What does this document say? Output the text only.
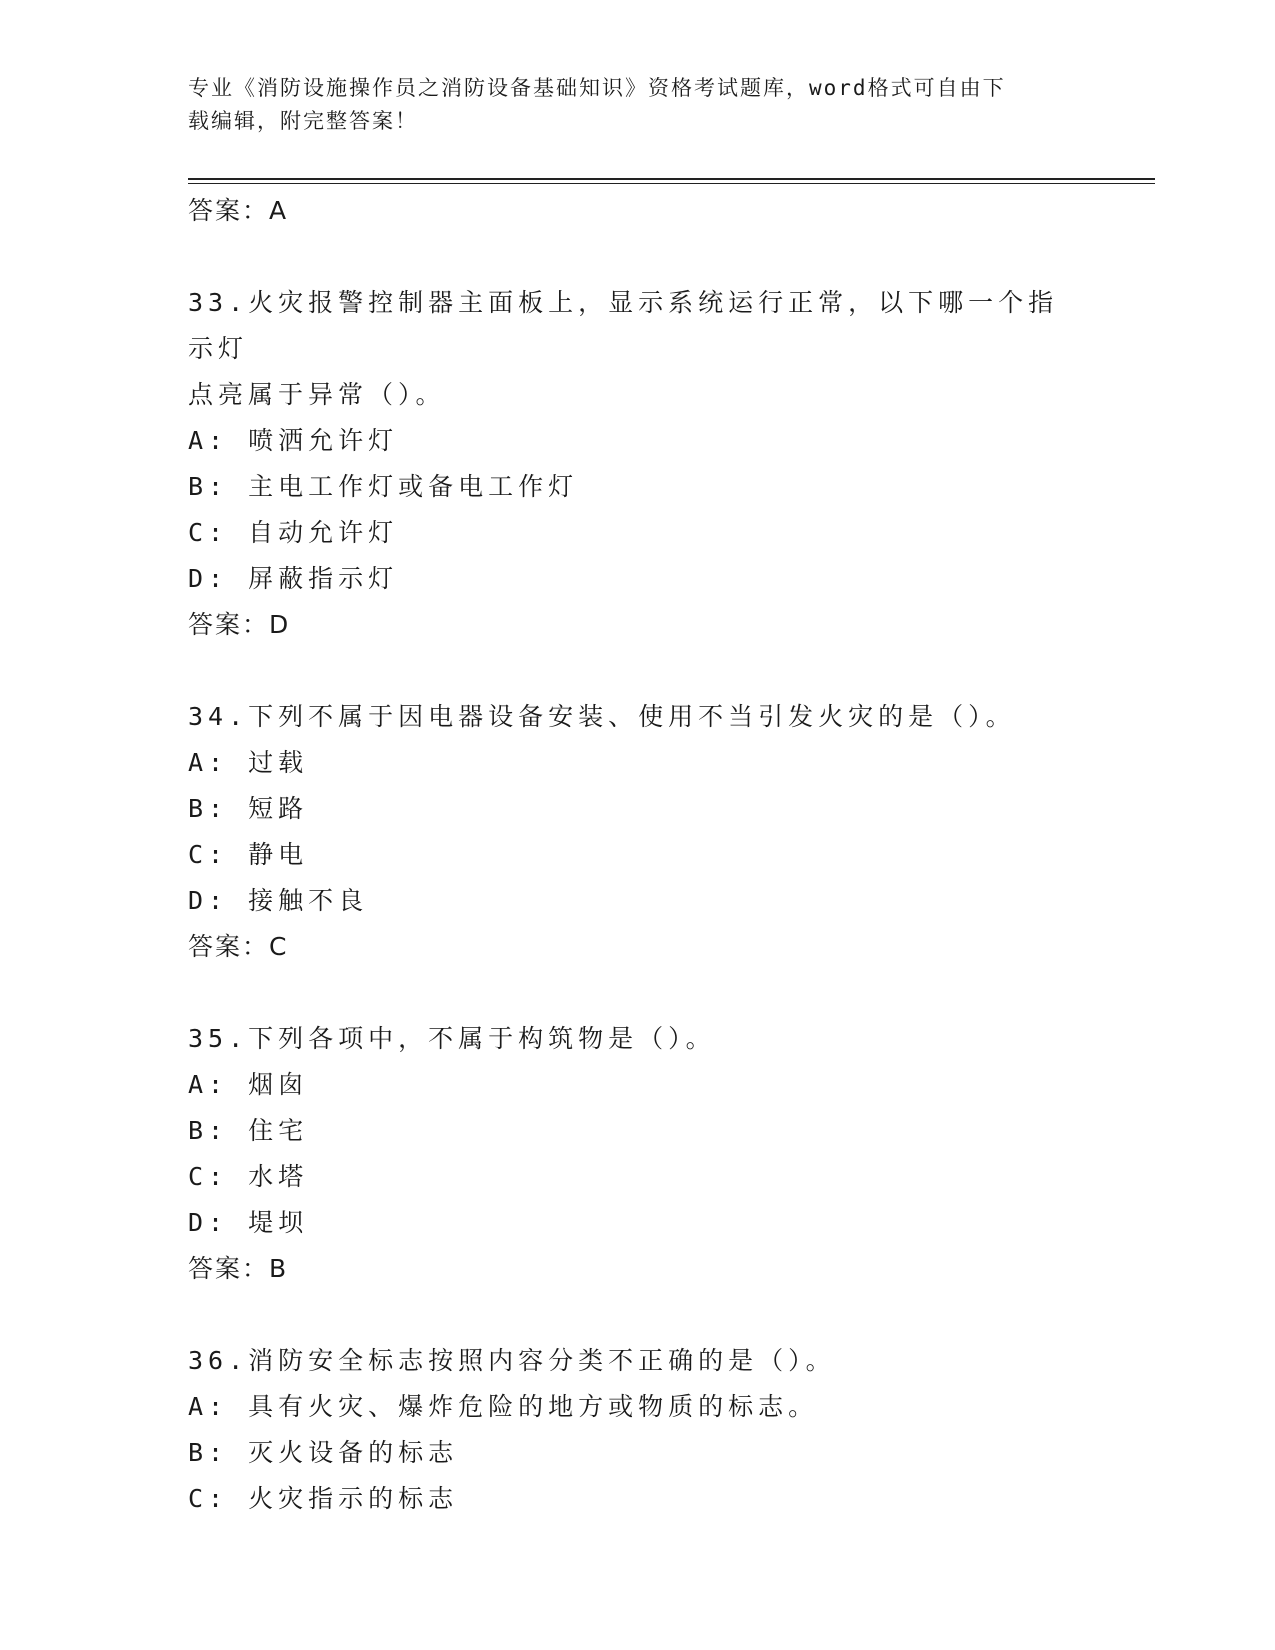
专业《消防设施操作员之消防设备基础知识》资格考试题库，word格式可自由下
载编辑，附完整答案！
答案：A
33.火灾报警控制器主面板上，显示系统运行正常，以下哪一个指示灯
点亮属于异常（）。
A: 喷洒允许灯
B: 主电工作灯或备电工作灯
C: 自动允许灯
D: 屏蔽指示灯
答案：D
34.下列不属于因电器设备安装、使用不当引发火灾的是（）。
A: 过载
B: 短路
C: 静电
D: 接触不良
答案：C
35.下列各项中，不属于构筑物是（）。
A: 烟囱
B: 住宅
C: 水塔
D: 堤坝
答案：B
36.消防安全标志按照内容分类不正确的是（）。
A: 具有火灾、爆炸危险的地方或物质的标志。
B: 灭火设备的标志
C: 火灾指示的标志
